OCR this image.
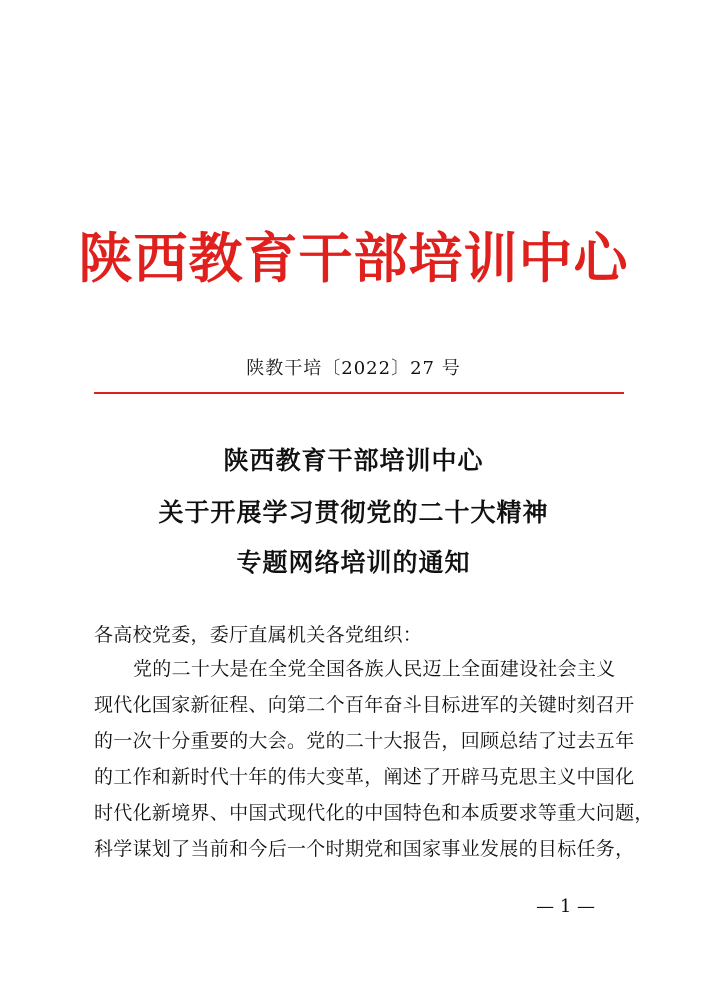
陕西教育干部培训中心
陕教干培〔2022〕27 号
陕西教育干部培训中心
关于开展学习贯彻党的二十大精神
专题网络培训的通知
各高校党委，委厅直属机关各党组织：
党的二十大是在全党全国各族人民迈上全面建设社会主义
现代化国家新征程、向第二个百年奋斗目标进军的关键时刻召开
的一次十分重要的大会。党的二十大报告，回顾总结了过去五年
的工作和新时代十年的伟大变革，阐述了开辟马克思主义中国化
时代化新境界、中国式现代化的中国特色和本质要求等重大问题，
科学谋划了当前和今后一个时期党和国家事业发展的目标任务，
— 1 —
